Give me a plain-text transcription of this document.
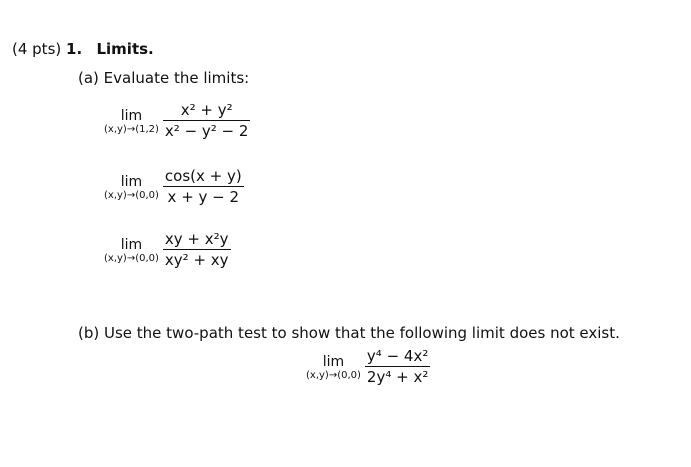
(4 pts) 1. Limits.
(a) Evaluate the limits:
lim
$(x,y)\to(1,2) \frac{\text{x² + y²}}{\text{x² − y² − 2}}$
lim
$(x,y)\to(0,0) \frac{\cos(x + y)}{x + y - 2}$
lim
$(x,y)\to(0,0) \frac{\text{xy + x²y}}{\text{xy² + xy}}$
(b) Use the two-path test to show that the following limit does not exist.
lim
$(x,y)\to(0,0) \frac{\text{y⁴ − 4x²}}{\text{2y⁴ + x²}}$
